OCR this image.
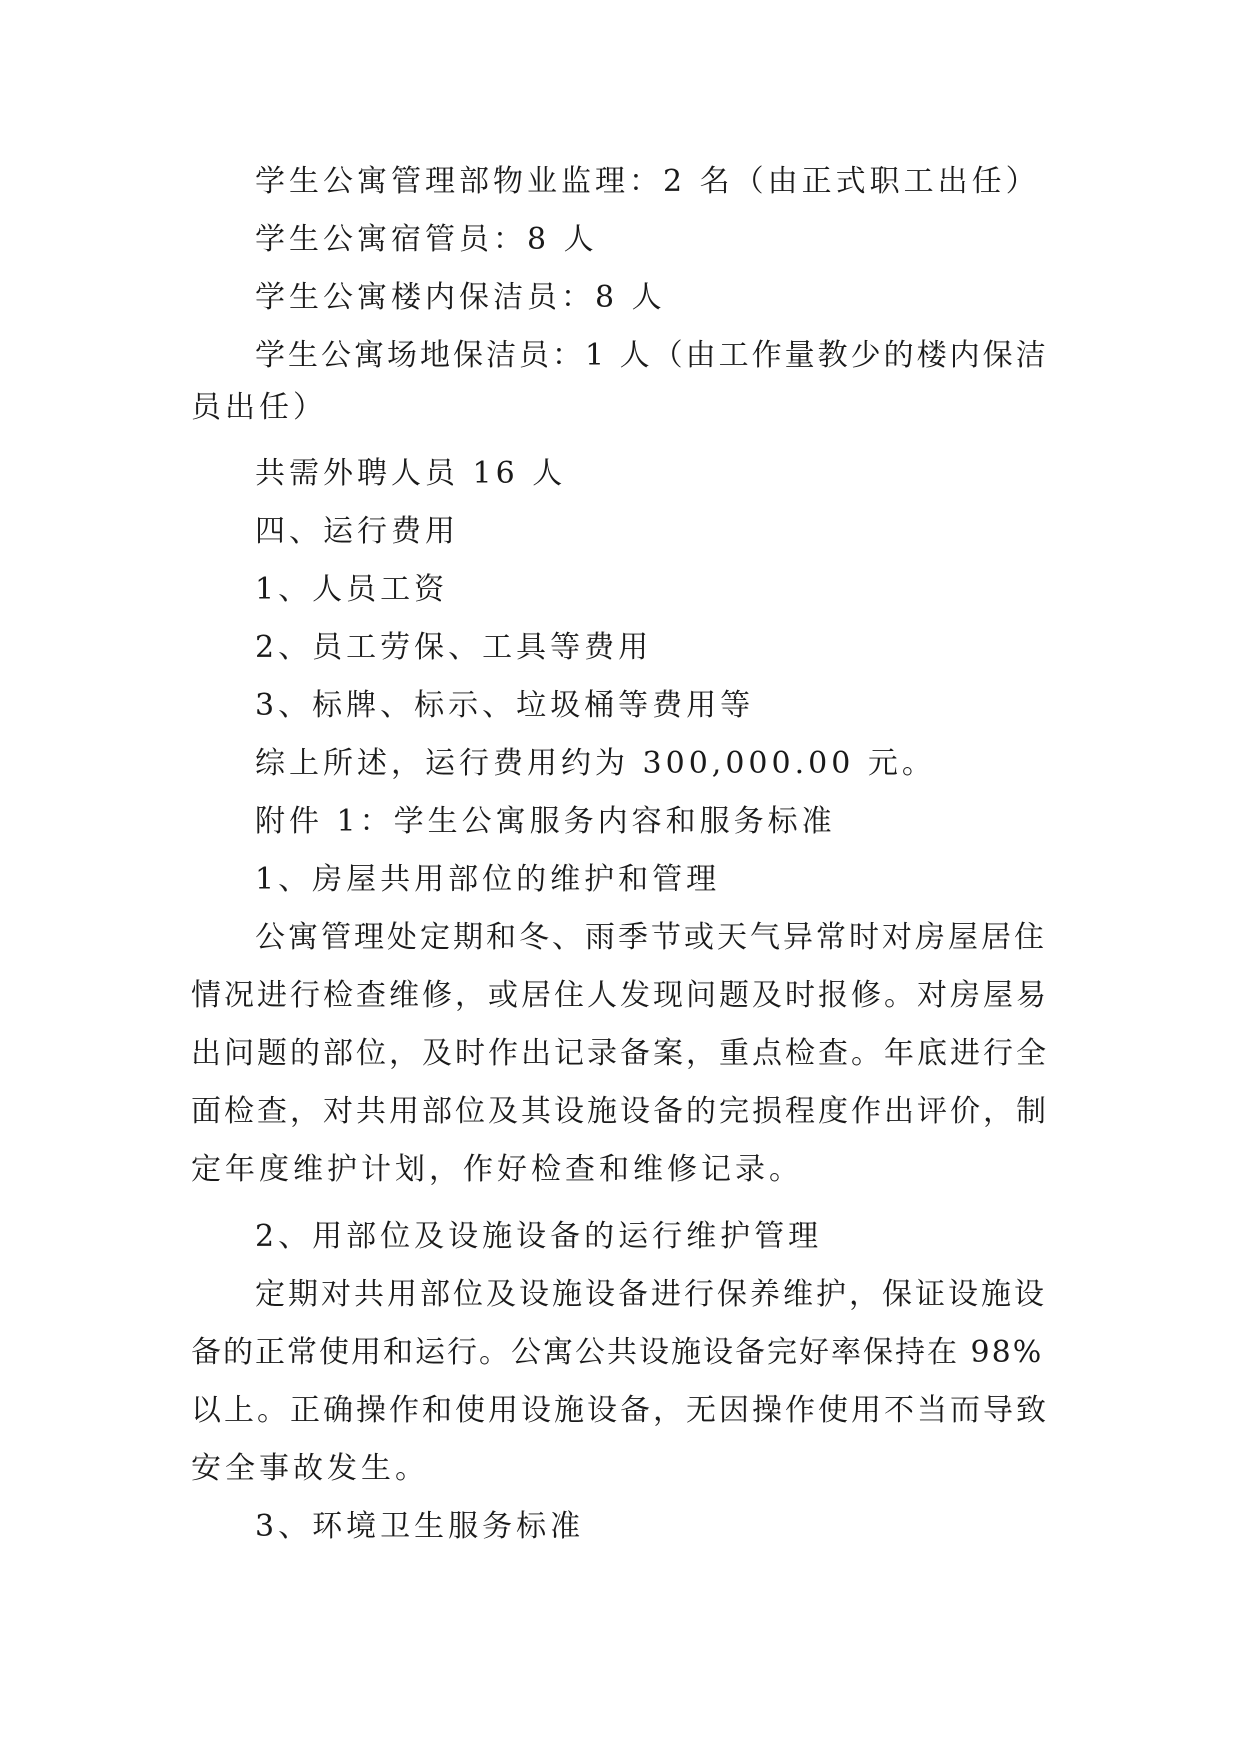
学生公寓管理部物业监理：2 名（由正式职工出任）

学生公寓宿管员：8 人

学生公寓楼内保洁员：8 人

学生公寓场地保洁员：1 人（由工作量教少的楼内保洁

员出任）

共需外聘人员 16 人

四、运行费用

1、人员工资

2、员工劳保、工具等费用

3、标牌、标示、垃圾桶等费用等

综上所述，运行费用约为 300,000.00 元。

附件 1：学生公寓服务内容和服务标准

1、房屋共用部位的维护和管理

公寓管理处定期和冬、雨季节或天气异常时对房屋居住

情况进行检查维修，或居住人发现问题及时报修。对房屋易

出问题的部位，及时作出记录备案，重点检查。年底进行全

面检查，对共用部位及其设施设备的完损程度作出评价，制

定年度维护计划，作好检查和维修记录。

2、用部位及设施设备的运行维护管理

定期对共用部位及设施设备进行保养维护，保证设施设

备的正常使用和运行。公寓公共设施设备完好率保持在 98%

以上。正确操作和使用设施设备，无因操作使用不当而导致

安全事故发生。

3、环境卫生服务标准
